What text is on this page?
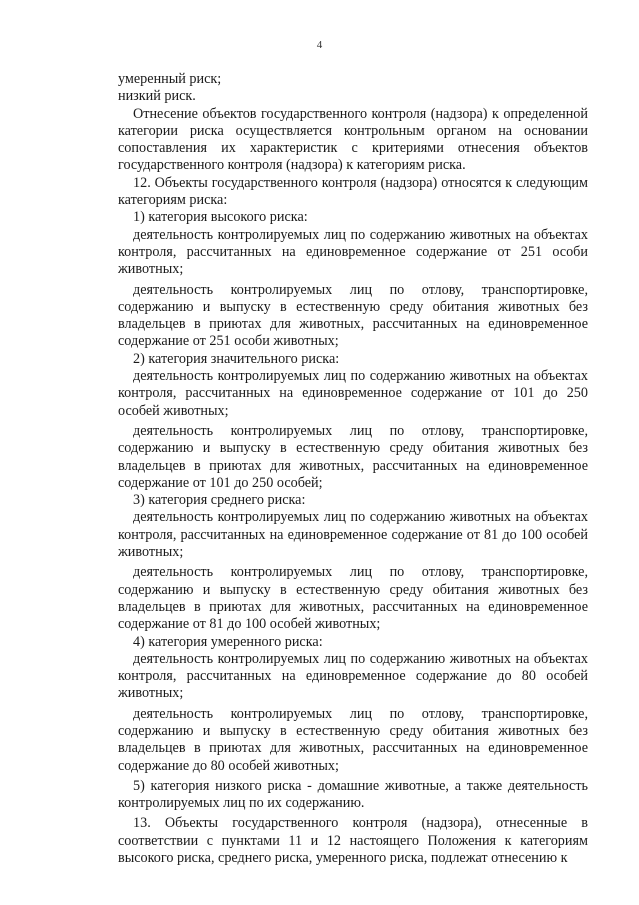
4

умеренный риск;

низкий риск.

Отнесение объектов государственного контроля (надзора) к определенной категории риска осуществляется контрольным органом на основании сопоставления их характеристик с критериями отнесения объектов государственного контроля (надзора) к категориям риска.

12. Объекты государственного контроля (надзора) относятся к следующим категориям риска:

1) категория высокого риска:

деятельность контролируемых лиц по содержанию животных на объектах контроля, рассчитанных на единовременное содержание от 251 особи животных;

деятельность контролируемых лиц по отлову, транспортировке, содержанию и выпуску в естественную среду обитания животных без владельцев в приютах для животных, рассчитанных на единовременное содержание от 251 особи животных;

2) категория значительного риска:

деятельность контролируемых лиц по содержанию животных на объектах контроля, рассчитанных на единовременное содержание от 101 до 250 особей животных;

деятельность контролируемых лиц по отлову, транспортировке, содержанию и выпуску в естественную среду обитания животных без владельцев в приютах для животных, рассчитанных на единовременное содержание от 101 до 250 особей;

3) категория среднего риска:

деятельность контролируемых лиц по содержанию животных на объектах контроля, рассчитанных на единовременное содержание от 81 до 100 особей животных;

деятельность контролируемых лиц по отлову, транспортировке, содержанию и выпуску в естественную среду обитания животных без владельцев в приютах для животных, рассчитанных на единовременное содержание от 81 до 100 особей животных;

4) категория умеренного риска:

деятельность контролируемых лиц по содержанию животных на объектах контроля, рассчитанных на единовременное содержание до 80 особей животных;

деятельность контролируемых лиц по отлову, транспортировке, содержанию и выпуску в естественную среду обитания животных без владельцев в приютах для животных, рассчитанных на единовременное содержание до 80 особей животных;

5) категория низкого риска - домашние животные, а также деятельность контролируемых лиц по их содержанию.

13. Объекты государственного контроля (надзора), отнесенные в соответствии с пунктами 11 и 12 настоящего Положения к категориям высокого риска, среднего риска, умеренного риска, подлежат отнесению к
